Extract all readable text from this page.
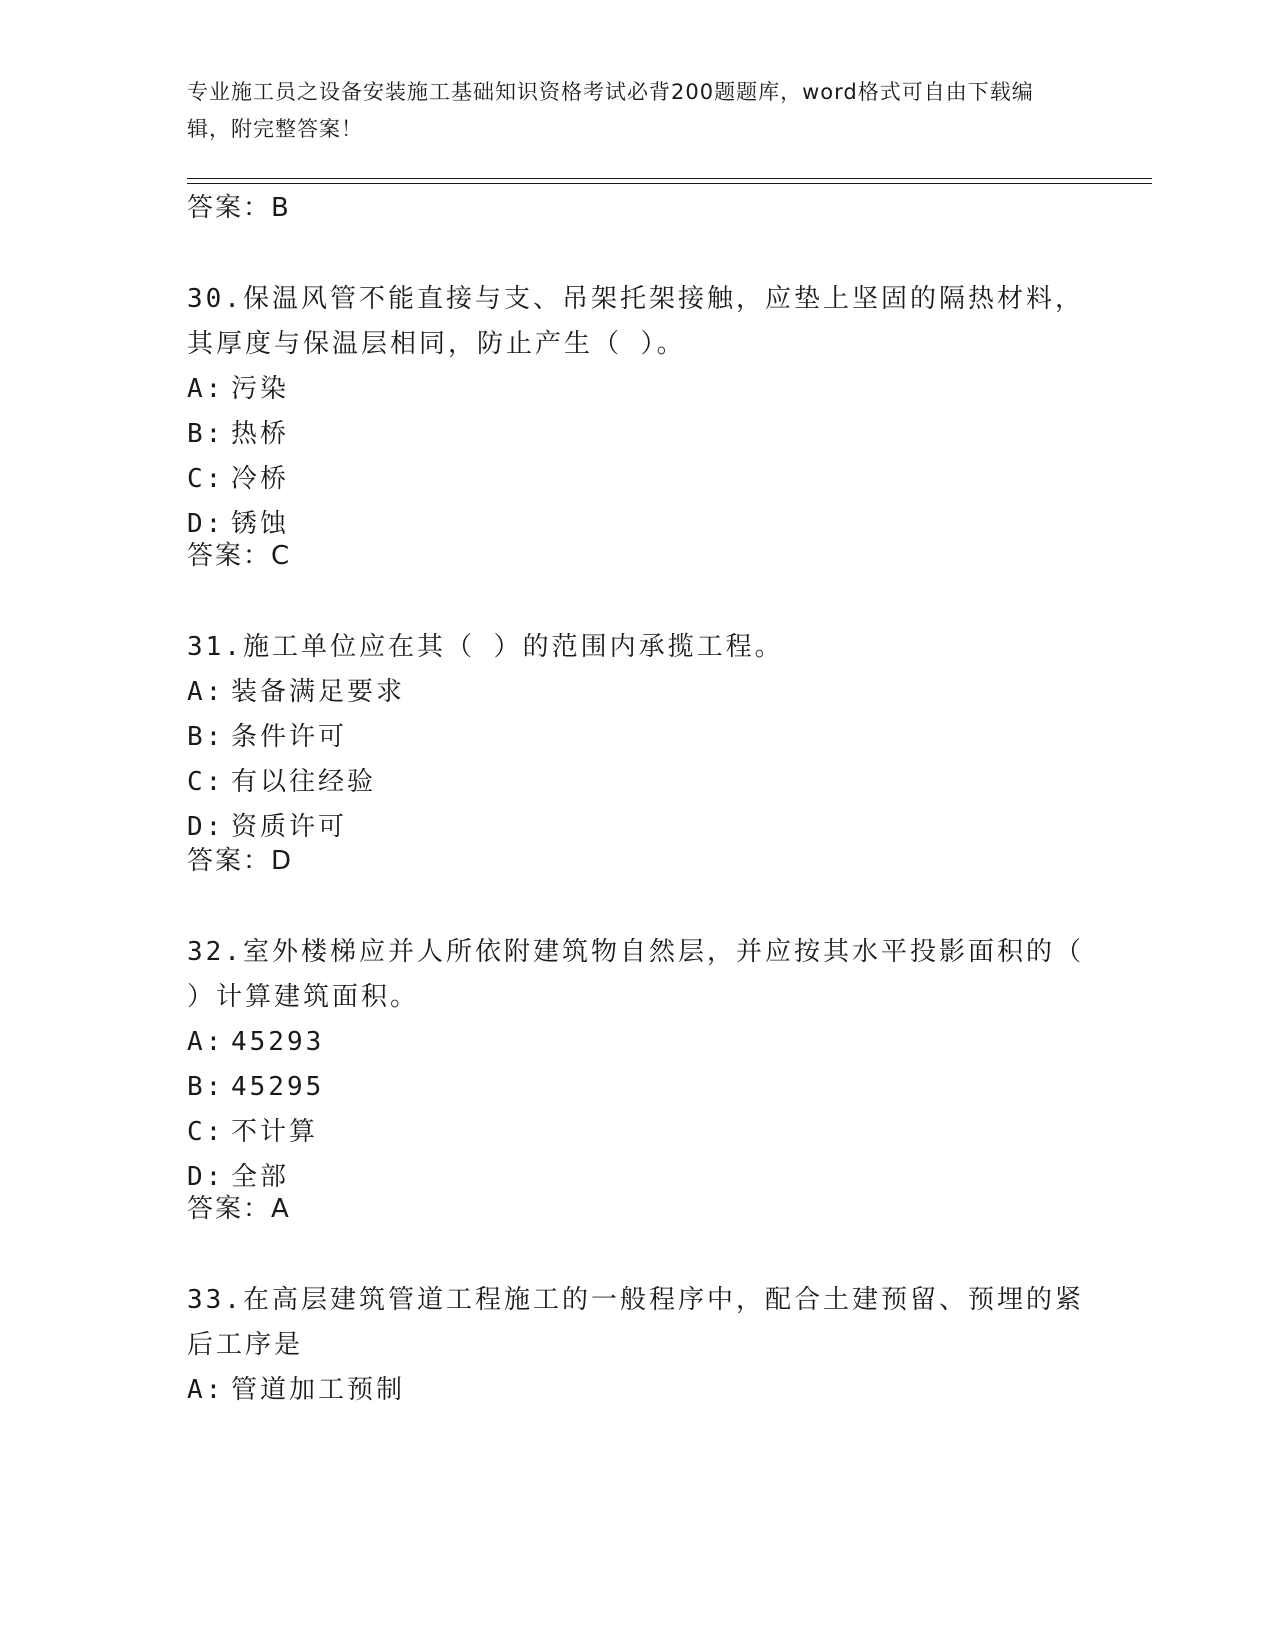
专业施工员之设备安装施工基础知识资格考试必背200题题库，word格式可自由下载编辑，附完整答案！
答案：B
30.保温风管不能直接与支、吊架托架接触，应垫上坚固的隔热材料，其厚度与保温层相同，防止产生（ ）。
A: 污染
B: 热桥
C: 冷桥
D: 锈蚀
答案：C
31.施工单位应在其（ ）的范围内承揽工程。
A: 装备满足要求
B: 条件许可
C: 有以往经验
D: 资质许可
答案：D
32.室外楼梯应并人所依附建筑物自然层，并应按其水平投影面积的（ ）计算建筑面积。
A: 45293
B: 45295
C: 不计算
D: 全部
答案：A
33.在高层建筑管道工程施工的一般程序中，配合土建预留、预埋的紧后工序是
A: 管道加工预制
